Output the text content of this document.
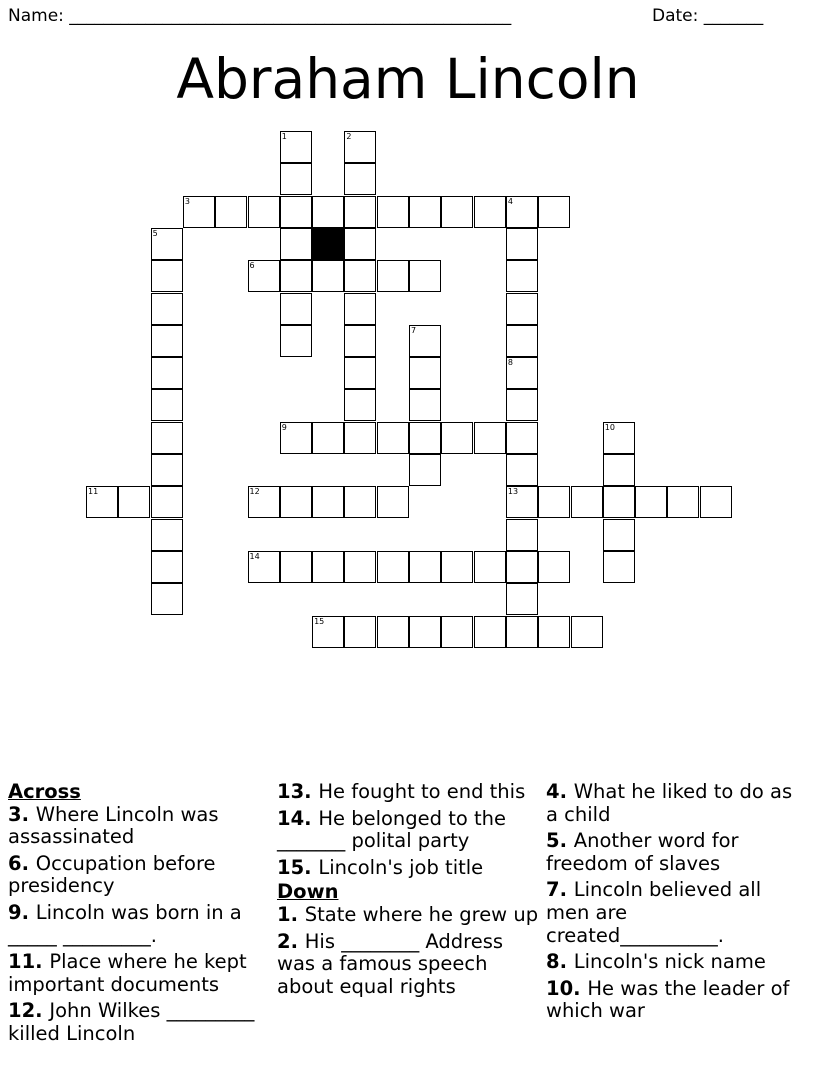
Name: ____________________________________________________	Date: _______
Abraham Lincoln
1	2
3	4
5
6
7
8
13
9	10
11	12
14
15
Across
3. Where Lincoln was assassinated
6. Occupation before presidency
9. Lincoln was born in a _____ _________.
11. Place where he kept important documents
12. John Wilkes _________ killed Lincoln
13. He fought to end this
14. He belonged to the _______ polital party
15. Lincoln's job title
Down
1. State where he grew up
2. His ________ Address was a famous speech about equal rights
4. What he liked to do as a child
5. Another word for freedom of slaves
7. Lincoln believed all men are created__________.
8. Lincoln's nick name
10. He was the leader of which war
